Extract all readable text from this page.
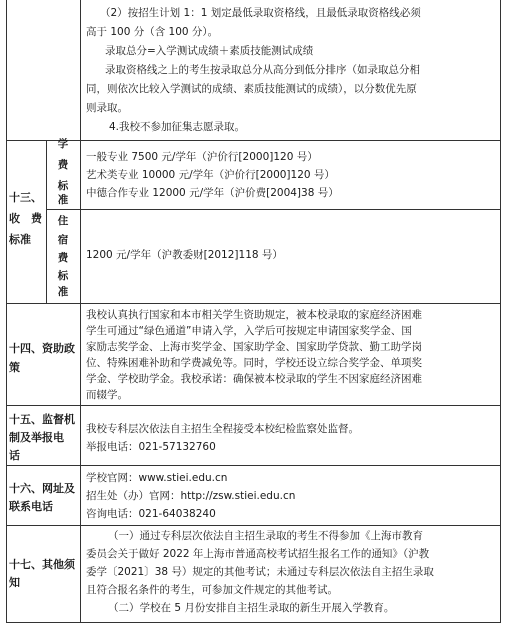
（2）按招生计划 1：1 划定最低录取资格线，且最低录取资格线必须
高于 100 分（含 100 分）。
录取总分=入学测试成绩＋素质技能测试成绩
录取资格线之上的考生按录取总分从高分到低分排序（如录取总分相
同，则依次比较入学测试的成绩、素质技能测试的成绩），以分数优先原
则录取。
4.我校不参加征集志愿录取。
十三、
收　费
标准
学
费
标
准
一般专业 7500 元/学年（沪价行[2000]120 号）
艺术类专业 10000 元/学年（沪价行[2000]120 号）
中德合作专业 12000 元/学年（沪价费[2004]38 号）
住
宿
费
标
准
1200 元/学年（沪教委财[2012]118 号）
十四、资助政
策
我校认真执行国家和本市相关学生资助规定，被本校录取的家庭经济困难
学生可通过“绿色通道”申请入学，入学后可按规定申请国家奖学金、国
家励志奖学金、上海市奖学金、国家助学金、国家助学贷款、勤工助学岗
位、特殊困难补助和学费减免等。同时，学校还设立综合奖学金、单项奖
学金、学校助学金。我校承诺：确保被本校录取的学生不因家庭经济困难
而辍学。
十五、监督机
制及举报电
话
我校专科层次依法自主招生全程接受本校纪检监察处监督。
举报电话：021-57132760
十六、网址及
联系电话
学校官网：www.stiei.edu.cn
招生处（办）官网：http://zsw.stiei.edu.cn
咨询电话：021-64038240
十七、其他须
知
（一）通过专科层次依法自主招生录取的考生不得参加《上海市教育
委员会关于做好 2022 年上海市普通高校考试招生报名工作的通知》（沪教
委学〔2021〕38 号）规定的其他考试；未通过专科层次依法自主招生录取
且符合报名条件的考生，可参加文件规定的其他考试。
（二）学校在 5 月份安排自主招生录取的新生开展入学教育。
